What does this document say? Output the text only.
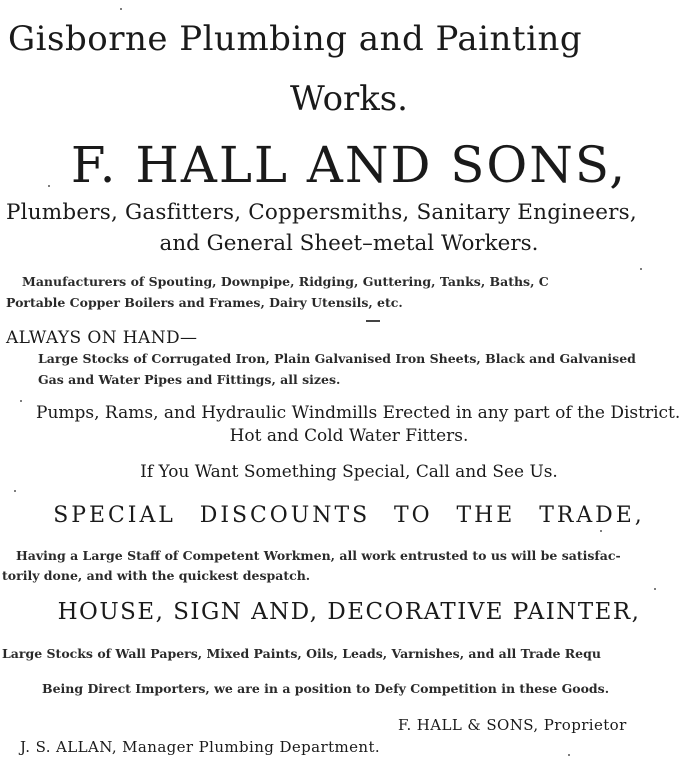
Gisborne Plumbing and Painting
Works.
F. HALL AND SONS,
Plumbers, Gasfitters, Coppersmiths, Sanitary Engineers,
and General Sheet–metal Workers.
Manufacturers of Spouting, Downpipe, Ridging, Guttering, Tanks, Baths, C
Portable Copper Boilers and Frames, Dairy Utensils, etc.
ALWAYS ON HAND—
Large Stocks of Corrugated Iron, Plain Galvanised Iron Sheets, Black and Galvanised
Gas and Water Pipes and Fittings, all sizes.
Pumps, Rams, and Hydraulic Windmills Erected in any part of the District.
Hot and Cold Water Fitters.
If You Want Something Special, Call and See Us.
SPECIAL DISCOUNTS TO THE TRADE,
Having a Large Staff of Competent Workmen, all work entrusted to us will be satisfac-
torily done, and with the quickest despatch.
HOUSE, SIGN AND, DECORATIVE PAINTER,
Large Stocks of Wall Papers, Mixed Paints, Oils, Leads, Varnishes, and all Trade Requ
Being Direct Importers, we are in a position to Defy Competition in these Goods.
F. HALL & SONS, Proprietor
J. S. ALLAN, Manager Plumbing Department.
